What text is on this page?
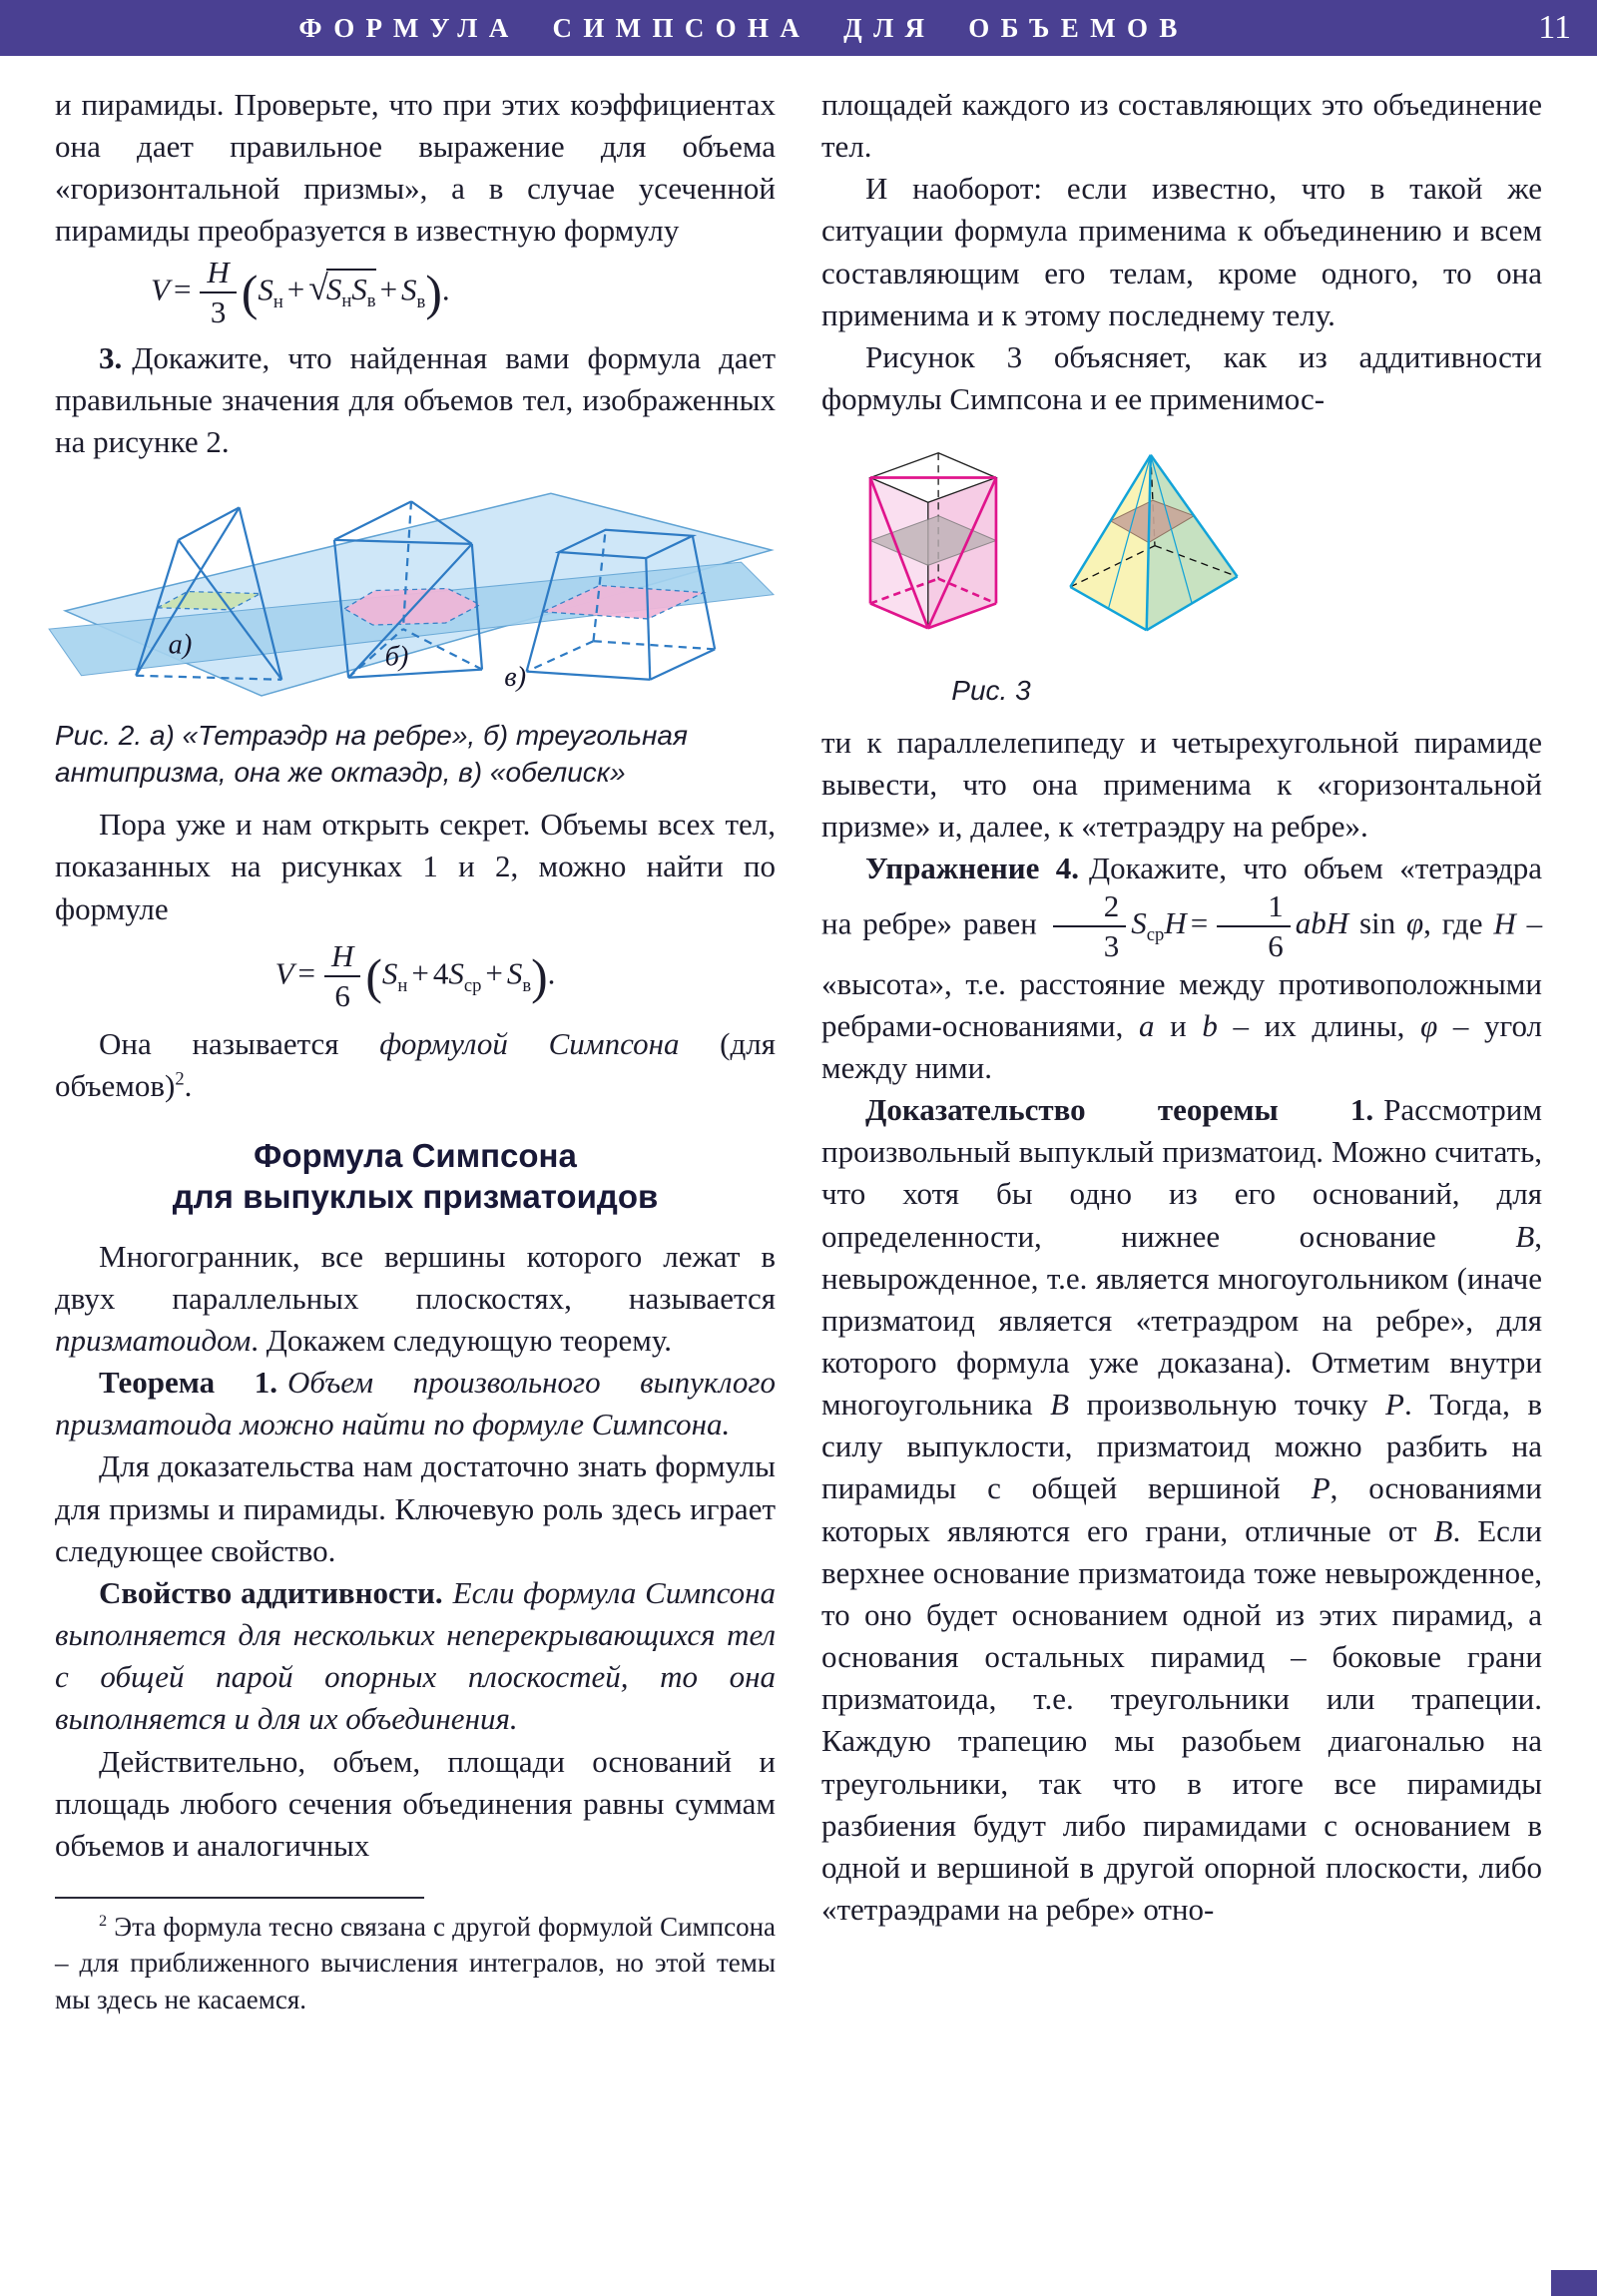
ФОРМУЛА СИМПСОНА ДЛЯ ОБЪЕМОВ	11

и пирамиды. Проверьте, что при этих коэффициентах она дает правильное выражение для объема «горизонтальной призмы», а в случае усеченной пирамиды преобразуется в известную формулу

$V = \frac{H}{3} (S_н + √S_нS_в + S_в)$.

3. Докажите, что найденная вами формула дает правильные значения для объемов тел, изображенных на рисунке 2.

а)	б)
в)

Рис. 2. а) «Тетраэдр на ребре», б) треугольная антипризма, она же октаэдр, в) «обелиск»

Пора уже и нам открыть секрет. Объемы всех тел, показанных на рисунках 1 и 2, можно найти по формуле

$V = \frac{H}{6} (S_н + 4S_{ср} + S_в)$.

Она называется формулой Симпсона (для объемов)$^2$.

Формула Симпсона
для выпуклых призматоидов

Многогранник, все вершины которого лежат в двух параллельных плоскостях, называется призматоидом. Докажем следующую теорему.

Теорема 1. Объем произвольного выпуклого призматоида можно найти по формуле Симпсона.

Для доказательства нам достаточно знать формулы для призмы и пирамиды. Ключевую роль здесь играет следующее свойство.

Свойство аддитивности. Если формула Симпсона выполняется для нескольких неперекрывающихся тел с общей парой опорных плоскостей, то она выполняется и для их объединения.

Действительно, объем, площади оснований и площадь любого сечения объединения равны суммам объемов и аналогичных

$^2$ Эта формула тесно связана с другой формулой Симпсона – для приближенного вычисления интегралов, но этой темы мы здесь не касаемся.

площадей каждого из составляющих это объединение тел.

И наоборот: если известно, что в такой же ситуации формула применима к объединению и всем составляющим его телам, кроме одного, то она применима и к этому последнему телу.

Рисунок 3 объясняет, как из аддитивности формулы Симпсона и ее применимос-

Рис. 3

ти к параллелепипеду и четырехугольной пирамиде вывести, что она применима к «горизонтальной призме» и, далее, к «тетраэдру на ребре».

Упражнение 4. Докажите, что объем «тетраэдра на ребре» равен $\frac{2}{3} S_{ср}H = \frac{1}{6}$ abH sin φ, где H – «высота», т.е. расстояние между противоположными ребрами-основаниями, a и b – их длины, φ – угол между ними.

Доказательство теоремы 1. Рассмотрим произвольный выпуклый призматоид. Можно считать, что хотя бы одно из его оснований, для определенности, нижнее основание B, невырожденное, т.е. является многоугольником (иначе призматоид является «тетраэдром на ребре», для которого формула уже доказана). Отметим внутри многоугольника B произвольную точку P. Тогда, в силу выпуклости, призматоид можно разбить на пирамиды с общей вершиной P, основаниями которых являются его грани, отличные от B. Если верхнее основание призматоида тоже невырожденное, то оно будет основанием одной из этих пирамид, а основания остальных пирамид – боковые грани призматоида, т.е. треугольники или трапеции. Каждую трапецию мы разобьем диагональю на треугольники, так что в итоге все пирамиды разбиения будут либо пирамидами с основанием в одной и вершиной в другой опорной плоскости, либо «тетраэдрами на ребре» отно-
